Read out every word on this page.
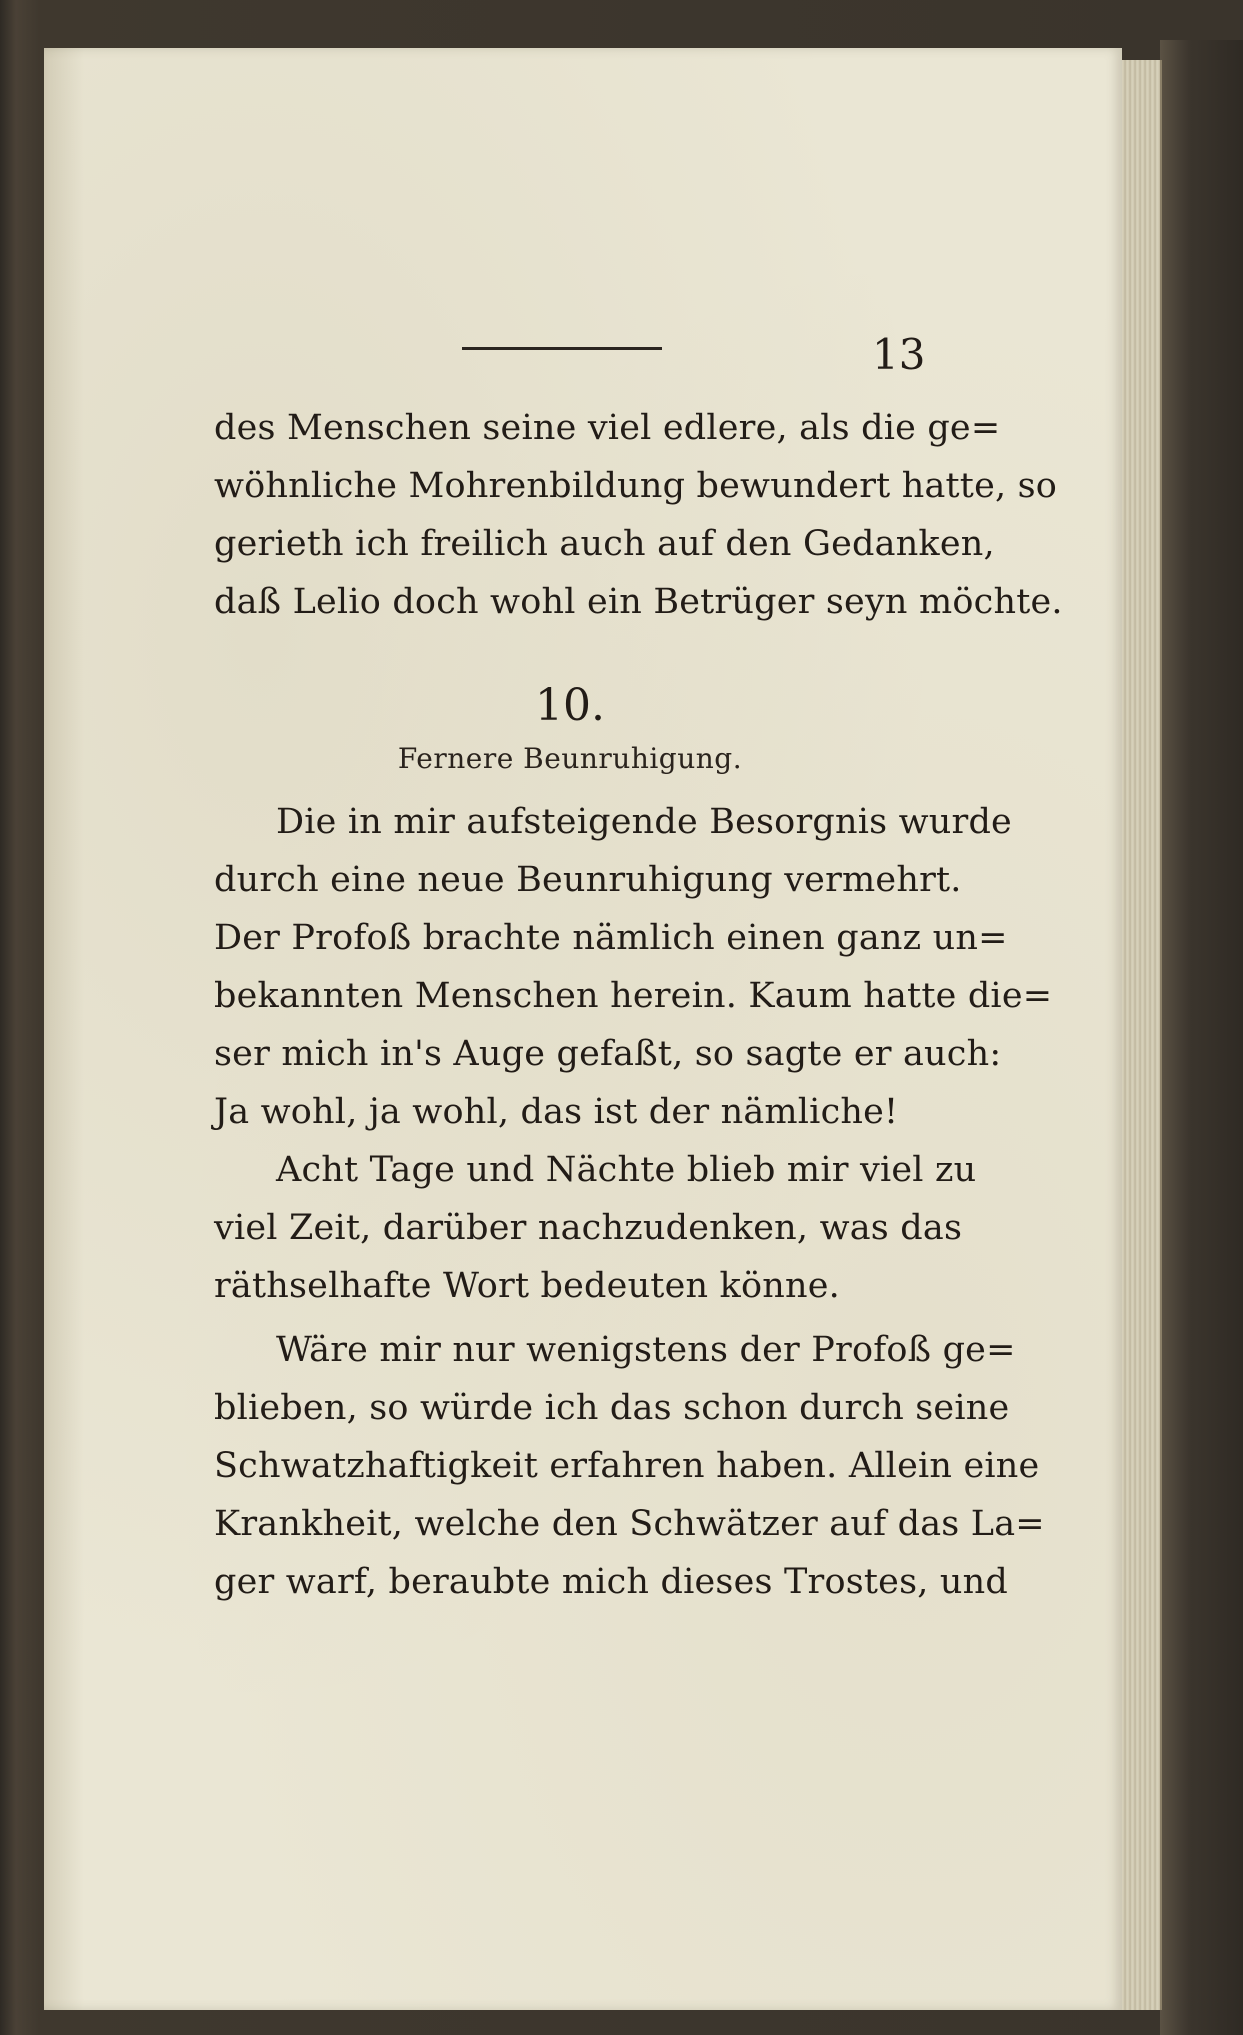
13
des Menschen seine viel edlere, als die ge=
wöhnliche Mohrenbildung bewundert hatte, so
gerieth ich freilich auch auf den Gedanken,
daß Lelio doch wohl ein Betrüger seyn möchte.
10.
Fernere Beunruhigung.
Die in mir aufsteigende Besorgnis wurde
durch eine neue Beunruhigung vermehrt.
Der Profoß brachte nämlich einen ganz un=
bekannten Menschen herein. Kaum hatte die=
ser mich in's Auge gefaßt, so sagte er auch:
Ja wohl, ja wohl, das ist der nämliche!
Acht Tage und Nächte blieb mir viel zu
viel Zeit, darüber nachzudenken, was das
räthselhafte Wort bedeuten könne.
Wäre mir nur wenigstens der Profoß ge=
blieben, so würde ich das schon durch seine
Schwatzhaftigkeit erfahren haben. Allein eine
Krankheit, welche den Schwätzer auf das La=
ger warf, beraubte mich dieses Trostes, und
